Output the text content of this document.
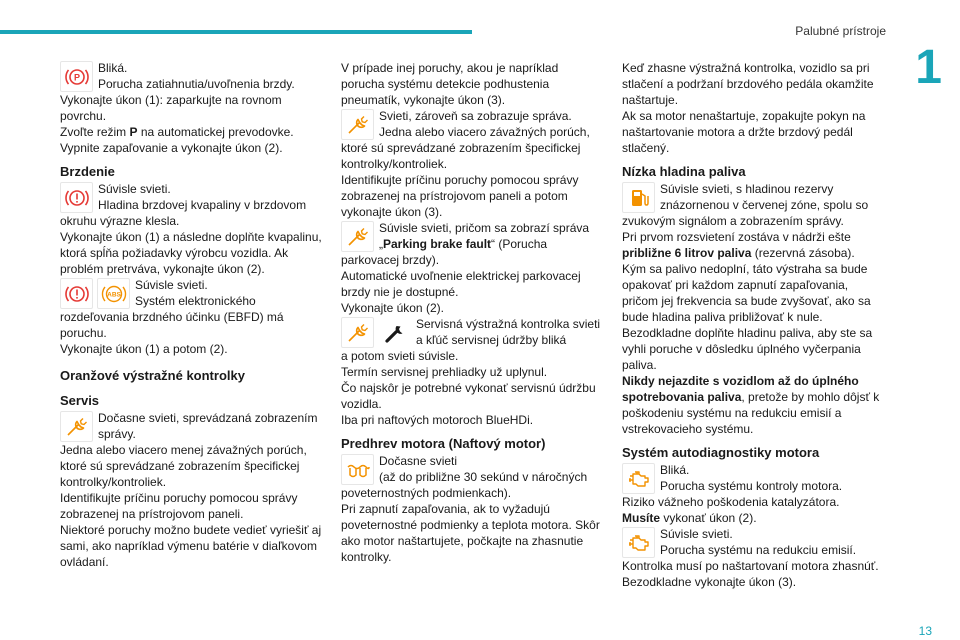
Palubné prístroje
1
P
Bliká.
Porucha zatiahnutia/uvoľnenia brzdy.
Vykonajte úkon (1): zaparkujte na rovnom povrchu.
Zvoľte režim P na automatickej prevodovke.
Vypnite zapaľovanie a vykonajte úkon (2).
Brzdenie
Súvisle svieti.
Hladina brzdovej kvapaliny v brzdovom okruhu výrazne klesla.
Vykonajte úkon (1) a následne doplňte kvapalinu, ktorá spĺňa požiadavky výrobcu vozidla. Ak problém pretrváva, vykonajte úkon (2).
ABS
Súvisle svieti.
Systém elektronického rozdeľovania brzdného účinku (EBFD) má poruchu.
Vykonajte úkon (1) a potom (2).
Oranžové výstražné kontrolky
Servis
Dočasne svieti, sprevádzaná zobrazením správy.
Jedna alebo viacero menej závažných porúch, ktoré sú sprevádzané zobrazením špecifickej kontrolky/kontroliek.
Identifikujte príčinu poruchy pomocou správy zobrazenej na prístrojovom paneli.
Niektoré poruchy možno budete vedieť vyriešiť aj sami, ako napríklad výmenu batérie v diaľkovom ovládaní.
V prípade inej poruchy, akou je napríklad porucha systému detekcie podhustenia pneumatík, vykonajte úkon (3).
Svieti, zároveň sa zobrazuje správa.
Jedna alebo viacero závažných porúch, ktoré sú sprevádzané zobrazením špecifickej kontrolky/kontroliek.
Identifikujte príčinu poruchy pomocou správy zobrazenej na prístrojovom paneli a potom vykonajte úkon (3).
Súvisle svieti, pričom sa zobrazí správa
„Parking brake fault“ (Porucha parkovacej brzdy).
Automatické uvoľnenie elektrickej parkovacej brzdy nie je dostupné.
Vykonajte úkon (2).
Servisná výstražná kontrolka svieti a kľúč servisnej údržby bliká
a potom svieti súvisle.
Termín servisnej prehliadky už uplynul.
Čo najskôr je potrebné vykonať servisnú údržbu vozidla.
Iba pri naftových motoroch BlueHDi.
Predhrev motora (Naftový motor)
Dočasne svieti
(až do približne 30 sekúnd v náročných poveternostných podmienkach).
Pri zapnutí zapaľovania, ak to vyžadujú poveternostné podmienky a teplota motora. Skôr ako motor naštartujete, počkajte na zhasnutie kontrolky.
Keď zhasne výstražná kontrolka, vozidlo sa pri stlačení a podržaní brzdového pedála okamžite naštartuje.
Ak sa motor nenaštartuje, zopakujte pokyn na naštartovanie motora a držte brzdový pedál stlačený.
Nízka hladina paliva
Súvisle svieti, s hladinou rezervy znázornenou v červenej zóne, spolu so zvukovým signálom a zobrazením správy.
Pri prvom rozsvietení zostáva v nádrži ešte približne 6 litrov paliva (rezervná zásoba).
Kým sa palivo nedoplní, táto výstraha sa bude opakovať pri každom zapnutí zapaľovania, pričom jej frekvencia sa bude zvyšovať, ako sa bude hladina paliva približovať k nule.
Bezodkladne doplňte hladinu paliva, aby ste sa vyhli poruche v dôsledku úplného vyčerpania paliva.
Nikdy nejazdite s vozidlom až do úplného spotrebovania paliva, pretože by mohlo dôjsť k poškodeniu systému na redukciu emisií a vstrekovacieho systému.
Systém autodiagnostiky motora
Bliká.
Porucha systému kontroly motora.
Riziko vážneho poškodenia katalyzátora.
Musíte vykonať úkon (2).
Súvisle svieti.
Porucha systému na redukciu emisií.
Kontrolka musí po naštartovaní motora zhasnúť.
Bezodkladne vykonajte úkon (3).
13
